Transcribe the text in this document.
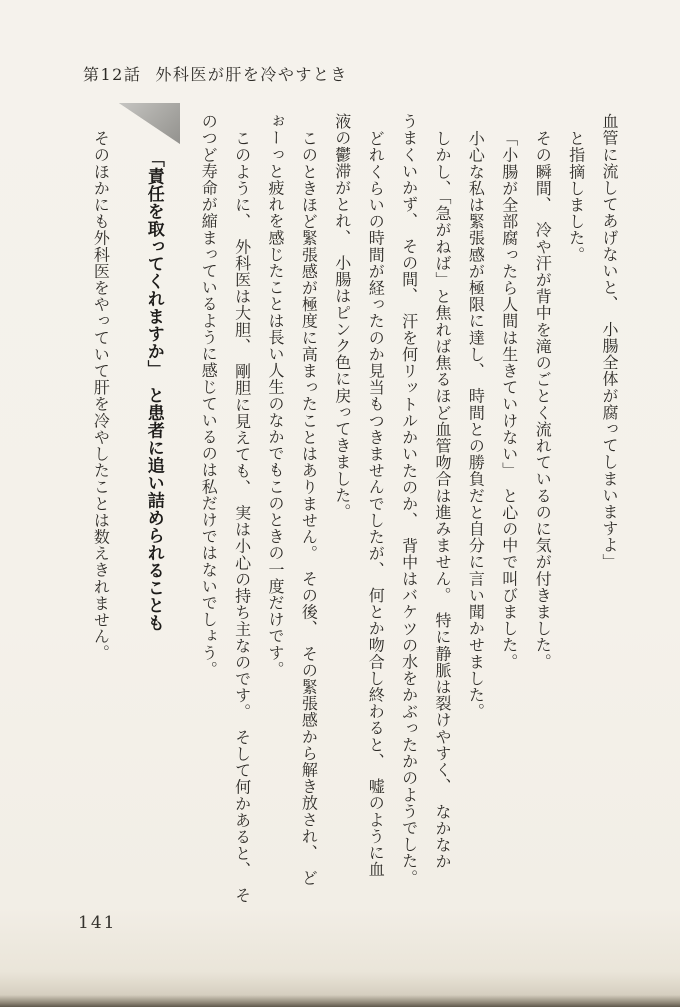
第12話 外科医が肝を冷やすとき
血管に流してあげないと、　小腸全体が腐ってしまいますよ」
と指摘しました。
その瞬間、　冷や汗が背中を滝のごとく流れているのに気が付きました。
「小腸が全部腐ったら人間は生きていけない」　と心の中で叫びました。
小心な私は緊張感が極限に達し、　時間との勝負だと自分に言い聞かせました。
しかし、「急がねば」と焦れば焦るほど血管吻合は進みません。　特に静脈は裂けやすく、　なかなか
うまくいかず、　その間、　汗を何リットルかいたのか、　背中はバケツの水をかぶったかのようでした。
どれくらいの時間が経ったのか見当もつきませんでしたが、　何とか吻合し終わると、　嘘のように血
液の鬱滞がとれ、　小腸はピンク色に戻ってきました。
このときほど緊張感が極度に高まったことはありません。　その後、　その緊張感から解き放され、　ど
ぉーっと疲れを感じたことは長い人生のなかでもこのときの一度だけです。
このように、　外科医は大胆、　剛胆に見えても、　実は小心の持ち主なのです。　そして何かあると、　そ
のつど寿命が縮まっているように感じているのは私だけではないでしょう。
「責任を取ってくれますか」　と患者に追い詰められることも
そのほかにも外科医をやっていて肝を冷やしたことは数えきれません。
141
